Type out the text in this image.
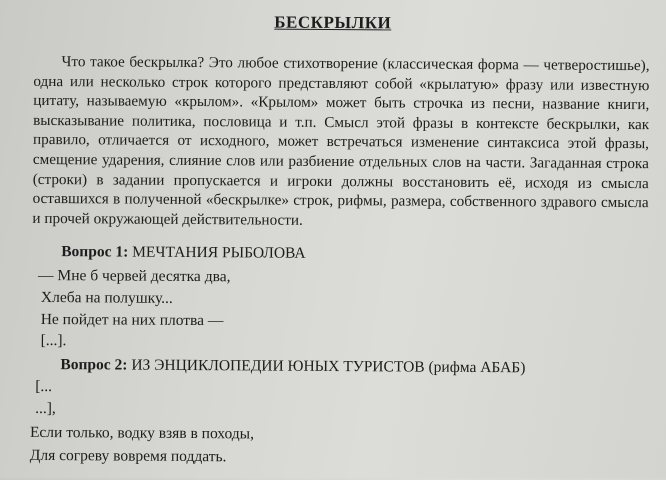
БЕСКРЫЛКИ
Что такое бескрылка? Это любое стихотворение (классическая форма — четверостишье), одна или несколько строк которого представляют собой «крылатую» фразу или известную цитату, называемую «крылом». «Крылом» может быть строчка из песни, название книги, высказывание политика, пословица и т.п. Смысл этой фразы в контексте бескрылки, как правило, отличается от исходного, может встречаться изменение синтаксиса этой фразы, смещение ударения, слияние слов или разбиение отдельных слов на части. Загаданная строка (строки) в задании пропускается и игроки должны восстановить её, исходя из смысла оставшихся в полученной «бескрылке» строк, рифмы, размера, собственного здравого смысла и прочей окружающей действительности.
Вопрос 1: МЕЧТАНИЯ РЫБОЛОВА
— Мне б червей десятка два,
Хлеба на полушку...
Не пойдет на них плотва —
[...].
Вопрос 2: ИЗ ЭНЦИКЛОПЕДИИ ЮНЫХ ТУРИСТОВ (рифма АБАБ)
[...
...],
Если только, водку взяв в походы,
Для согреву вовремя поддать.
